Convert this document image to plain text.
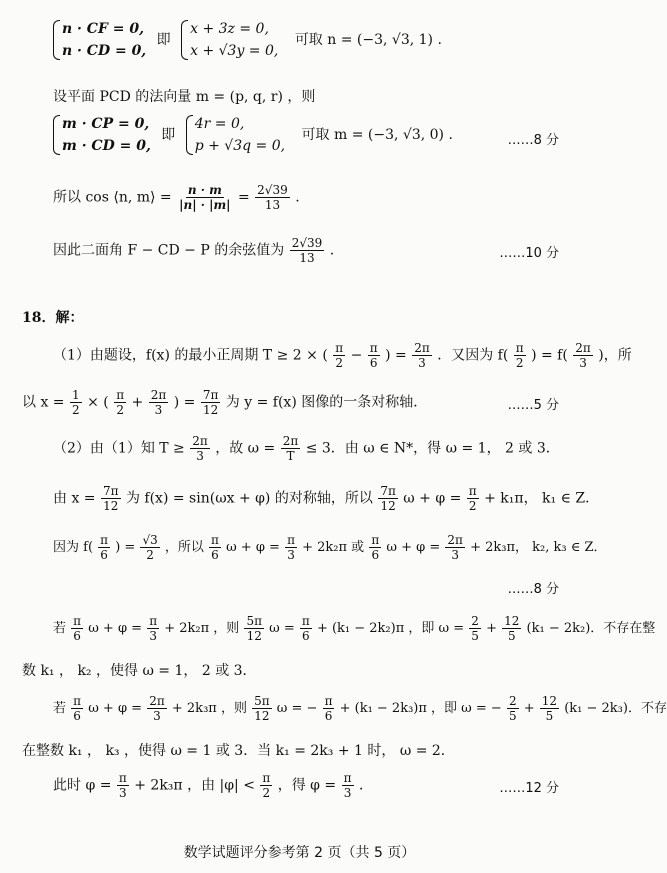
n · CF = 0,
n · CD = 0,
即
x + 3z = 0,
x + √3y = 0,
可取 n = (−3, √3, 1) .
设平面 PCD 的法向量 m = (p, q, r) ，则
m · CP = 0,
m · CD = 0,
即
4r = 0,
p + √3q = 0,
可取 m = (−3, √3, 0) .	……8 分
所以 cos ⟨n, m⟩ = $\frac{n \cdot m}{|n| \cdot |m|} = \frac{2√39}{13}$ .
因此二面角 F − CD − P 的余弦值为 $\frac{2√39}{13}$ .	……10 分
18．解：
（1）由题设，f(x) 的最小正周期 T ≥ 2 × ( $\frac{\pi}{2} - \frac{\pi}{6}$ ) = $\frac{2\pi}{3}$ ．又因为 $f( \frac{\pi}{2}$ ) = $f( \frac{2\pi}{3}$ )，所
以 $x = \frac{1}{2}$ × ( $\frac{\pi}{2} + \frac{2\pi}{3}$ ) = $\frac{7\pi}{12}$ 为 y = f(x) 图像的一条对称轴．	……5 分
（2）由（1）知 $T \ge \frac{2\pi}{3}$ ，故 $\omega = \frac{2\pi}{T} \le 3$．由 ω ∈ N*，得 ω = 1， 2 或 3．
由 $x = \frac{7\pi}{12}$ 为 f(x) = sin(ωx + φ) 的对称轴，所以 $\frac{7\pi}{12}$ $\omega + \varphi = \frac{\pi}{2} + k_1\pi$， k₁ ∈ Z．
因为 $f( \frac{\pi}{6}$ ) = $\frac{√3}{2}$ ，所以 $\frac{\pi}{6}$ $\omega + \varphi = \frac{\pi}{3} + 2k_2\pi$ 或 $\frac{\pi}{6}$ $\omega + \varphi = \frac{2\pi}{3} + 2k_3\pi$， k₂, k₃ ∈ Z．
……8 分
若 $\frac{\pi}{6}$ $\omega + \varphi = \frac{\pi}{3} + 2k_2\pi$ ，则 $\frac{5\pi}{12}$ $\omega = \frac{\pi}{6} + (k_1 - 2k_2)\pi$ ，即 $\omega = \frac{2}{5} + \frac{12}{5} (k_1 - 2k_2)$．不存在整
数 k₁ ， k₂ ，使得 ω = 1， 2 或 3．
若 $\frac{\pi}{6}$ $\omega + \varphi = \frac{2\pi}{3} + 2k_3\pi$ ，则 $\frac{5\pi}{12}$ ω = − $\frac{\pi}{6} + (k_1 - 2k_3)\pi$ ，即 ω = − $\frac{2}{5} + \frac{12}{5} (k_1 - 2k_3)$．不存
在整数 k₁ ， k₃ ，使得 ω = 1 或 3．当 k₁ = 2k₃ + 1 时， ω = 2．
此时 $\varphi = \frac{\pi}{3} + 2k_3\pi$ ，由 $|\varphi| < \frac{\pi}{2}$ ，得 $\varphi = \frac{\pi}{3}$ ．	……12 分
数学试题评分参考第 2 页（共 5 页）
